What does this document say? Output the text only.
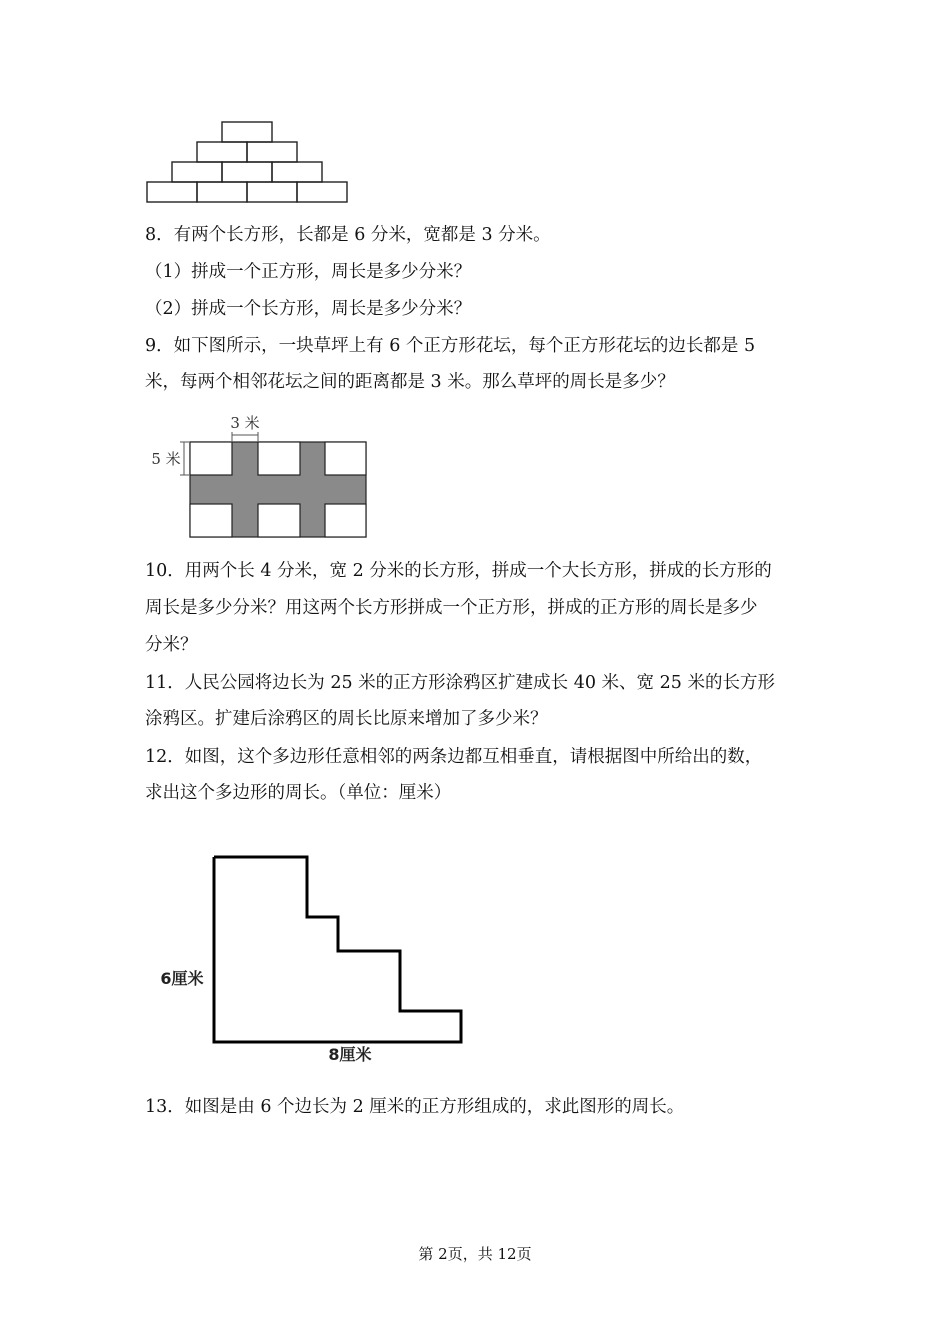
8．有两个长方形，长都是 6 分米，宽都是 3 分米。
（1）拼成一个正方形，周长是多少分米？
（2）拼成一个长方形，周长是多少分米？
9．如下图所示，一块草坪上有 6 个正方形花坛，每个正方形花坛的边长都是 5
米，每两个相邻花坛之间的距离都是 3 米。那么草坪的周长是多少？
3 米
5 米
10．用两个长 4 分米，宽 2 分米的长方形，拼成一个大长方形，拼成的长方形的
周长是多少分米？用这两个长方形拼成一个正方形，拼成的正方形的周长是多少
分米？
11．人民公园将边长为 25 米的正方形涂鸦区扩建成长 40 米、宽 25 米的长方形
涂鸦区。扩建后涂鸦区的周长比原来增加了多少米？
12．如图，这个多边形任意相邻的两条边都互相垂直，请根据图中所给出的数，
求出这个多边形的周长。（单位：厘米）
6厘米
8厘米
13．如图是由 6 个边长为 2 厘米的正方形组成的，求此图形的周长。
第 2页，共 12页
